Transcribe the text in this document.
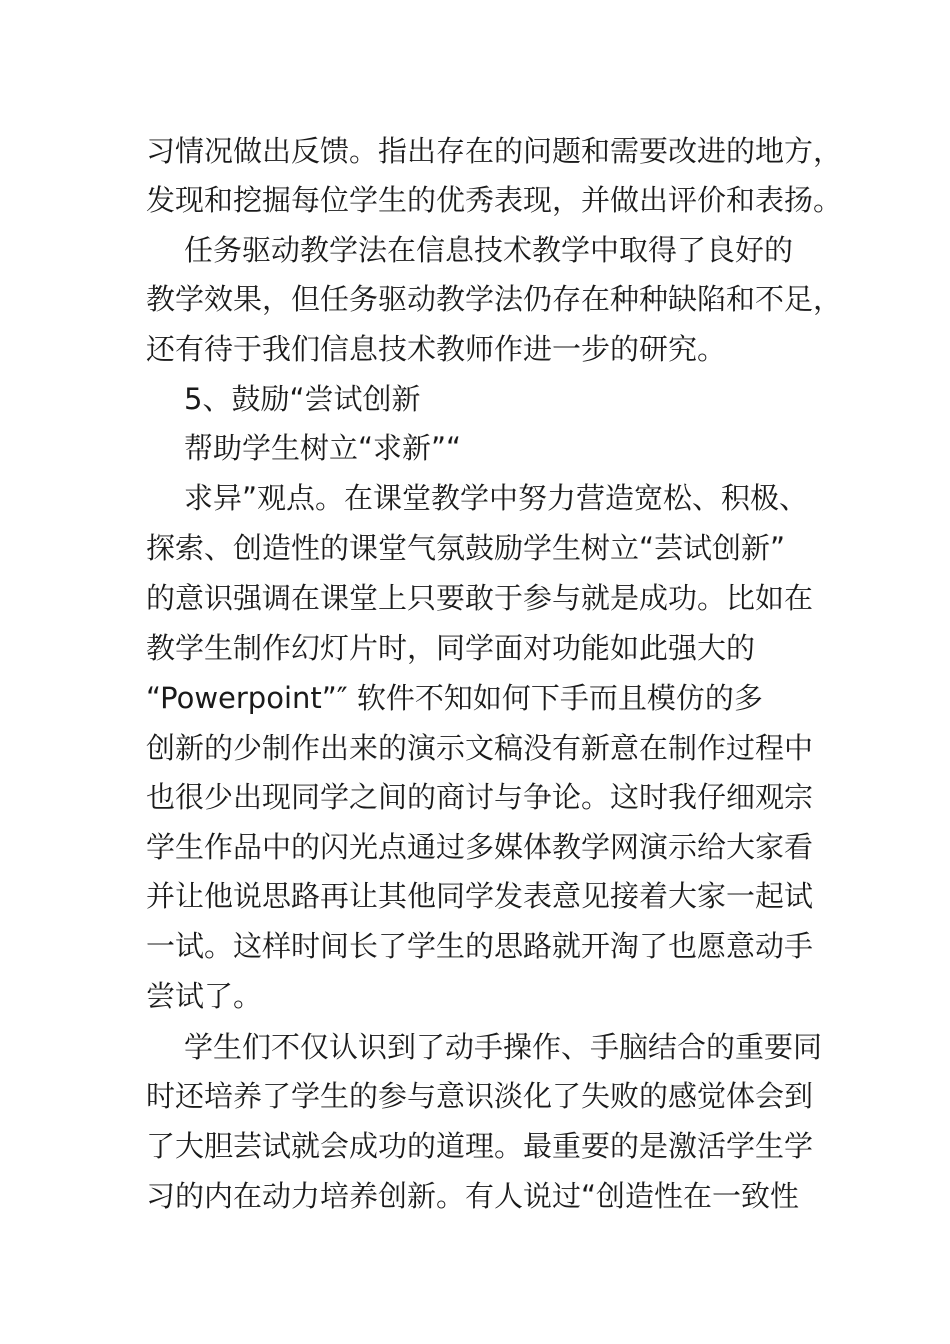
习情况做出反馈。指出存在的问题和需要改进的地方，
发现和挖掘每位学生的优秀表现，并做出评价和表扬。
任务驱动教学法在信息技术教学中取得了良好的
教学效果，但任务驱动教学法仍存在种种缺陷和不足，
还有待于我们信息技术教师作进一步的研究。
5、鼓励“尝试创新
帮助学生树立“求新”“
求异”观点。在课堂教学中努力营造宽松、积极、
探索、创造性的课堂气氛鼓励学生树立“芸试创新”
的意识强调在课堂上只要敢于参与就是成功。比如在
教学生制作幻灯片时，同学面对功能如此强大的
“Powerpoint”″ 软件不知如何下手而且模仿的多
创新的少制作出来的演示文稿没有新意在制作过程中
也很少出现同学之间的商讨与争论。这时我仔细观宗
学生作品中的闪光点通过多媒体教学网演示给大家看
并让他说思路再让其他同学发表意见接着大家一起试
一试。这样时间长了学生的思路就开淘了也愿意动手
尝试了。
学生们不仅认识到了动手操作、手脑结合的重要同
时还培养了学生的参与意识淡化了失败的感觉体会到
了大胆芸试就会成功的道理。最重要的是激活学生学
习的内在动力培养创新。有人说过“创造性在一致性
